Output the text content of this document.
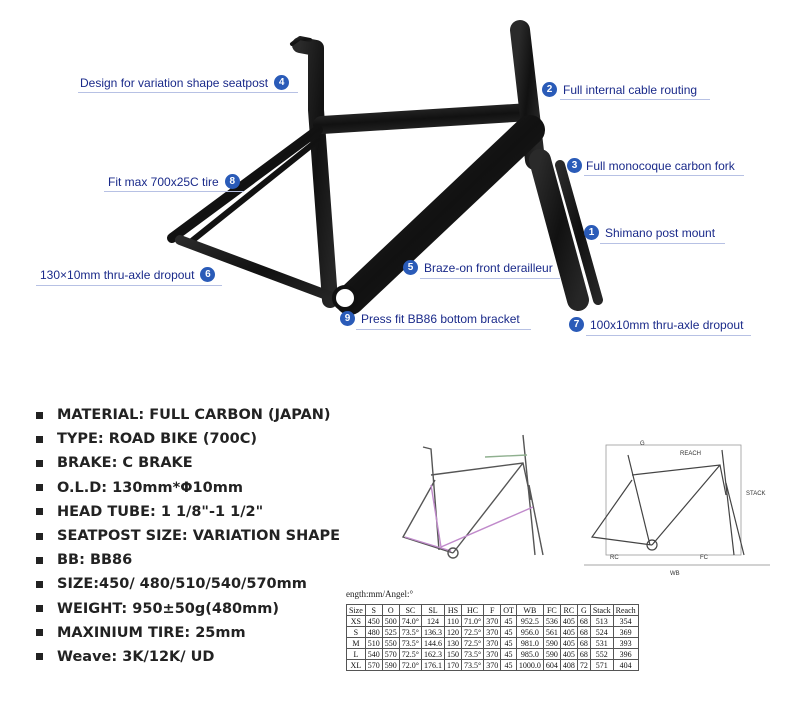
Design for variation shape seatpost	4
2 Full internal cable routing
Fit max 700x25C tire	8
3 Full monocoque carbon fork
1 Shimano post mount
130×10mm thru-axle dropout	6
5 Braze-on front derailleur
9 Press fit BB86 bottom bracket	7 100x10mm thru-axle dropout
MATERIAL: FULL CARBON (JAPAN)
TYPE: ROAD BIKE (700C)
BRAKE: C BRAKE
O.L.D: 130mm*Φ10mm
HEAD TUBE: 1 1/8"-1 1/2"
SEATPOST SIZE: VARIATION SHAPE
BB: BB86
SIZE:450/ 480/510/540/570mm
WEIGHT: 950±50g(480mm)
MAXINIUM TIRE: 25mm
Weave: 3K/12K/ UD
G
REACH
STACK
WB
FC
RC
ength:mm/Angel:°
Size	S	O	SC	SL	HS	HC	F	OT	WB	FC	RC	G	Stack	Reach
XS	450	500	74.0°	124	110	71.0°	370	45	952.5	536	405	68	513	354
S	480	525	73.5°	136.3	120	72.5°	370	45	956.0	561	405	68	524	369
M	510	550	73.5°	144.6	130	72.5°	370	45	981.0	590	405	68	531	393
L	540	570	72.5°	162.3	150	73.5°	370	45	985.0	590	405	68	552	396
XL	570	590	72.0°	176.1	170	73.5°	370	45	1000.0	604	408	72	571	404
